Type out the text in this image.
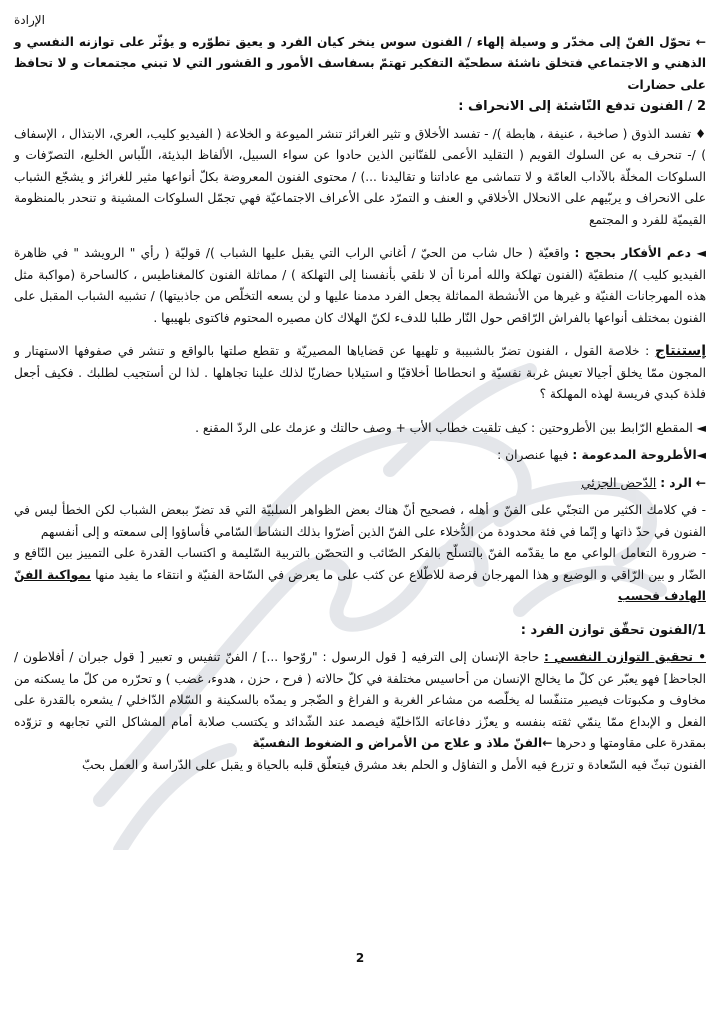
الإرادة

← تحوّل الفنّ إلى مخدّر و وسيلة إلهاء / الفنون سوس ينخر كيان الفرد و يعيق تطوّره و يؤثّر على توازنه النفسي و الذهني و الاجتماعي فتخلق ناشئة سطحيّة التفكير تهتمّ بسفاسف الأمور و القشور التي لا تبني مجتمعات و لا تحافظ على حضارات

2 / الفنون تدفع النّاشئة إلى الانحراف :

♦ تفسد الذوق ( صاخبة ، عنيفة ، هابطة )/ - تفسد الأخلاق و تثير الغرائز تنشر الميوعة و الخلاعة ( الفيديو كليب، العري، الابتذال ، الإسفاف ) /- تنحرف به عن السلوك القويم ( التقليد الأعمى للفنّانين الذين حادوا عن سواء السبيل، الألفاظ البذيئة، اللّباس الخليع، التصرّفات و السلوكات المخلّة بالآداب العامّة و لا تتماشى مع عاداتنا و تقاليدنا ...) / محتوى الفنون المعروضة بكلّ أنواعها مثير للغرائز و يشجّع الشباب على الانحراف و يربّيهم على الانحلال الأخلاقي و العنف و التمرّد على الأعراف الاجتماعيّة فهي تجمّل السلوكات المشينة و تنحدر بالمنظومة القيميّة للفرد و المجتمع

◄ دعم الأفكار بحجج : واقعيّة ( حال شاب من الحيّ / أغاني الراب التي يقبل عليها الشباب )/ قوليّة ( رأي " الرويشد " في ظاهرة الفيديو كليب )/ منطقيّة (الفنون تهلكة والله أمرنا أن لا نلقي بأنفسنا إلى التهلكة ) / مماثلة الفنون كالمغناطيس ، كالساحرة (مواكبة مثل هذه المهرجانات الفنيّة و غيرها من الأنشطة المماثلة يجعل الفرد مدمنا عليها و لن يسعه التخلّص من جاذبيتها) / تشبيه الشباب المقبل على الفنون بمختلف أنواعها بالفراش الرّاقص حول النّار طلبا للدفء لكنّ الهلاك كان مصيره المحتوم فاكتوى بلهيبها .

إستنتاج : خلاصة القول ، الفنون تضرّ بالشبيبة و تلهيها عن قضاياها المصيريّة و تقطع صلتها بالواقع و تنشر في صفوفها الاستهتار و المجون ممّا يخلق أجيالا تعيش غربة نفسيّة و انحطاطا أخلاقيّا و استيلابا حضاريّا لذلك علينا تجاهلها . لذا لن أستجيب لطلبك . فكيف أجعل فلذة كبدي فريسة لهذه المهلكة ؟

◄ المقطع الرّابط بين الأطروحتين : كيف تلقيت خطاب الأب + وصف حالتك و عزمك على الردّ المقنع .

◄الأطروحة المدعومة : فيها عنصران :

← الرد : الدّحض الجزئي

- في كلامك الكثير من التجنّي على الفنّ و أهله ، فصحيح أنّ هناك بعض الظواهر السلبيّة التي قد تضرّ ببعض الشباب لكن الخطأ ليس في الفنون في حدّ ذاتها و إنّما في فئة محدودة من الدُّخلاء على الفنّ الذين أضرّوا بذلك النشاط السّامي فأساؤوا إلى سمعته و إلى أنفسهم

- ضرورة التعامل الواعي مع ما يقدّمه الفنّ بالتسلّح بالفكر الصّائب و التحصّن بالتربية السّليمة و اكتساب القدرة على التمييز بين النّافع و الضّار و بين الرّاقي و الوضيع و هذا المهرجان فرصة للاطّلاع عن كثب على ما يعرض في السّاحة الفنيّة و انتقاء ما يفيد منها بمواكبة الفنّ الهادف فحسب

1/الفنون تحقّق توازن الفرد :

• تحقيق التوازن النفسي : حاجة الإنسان إلى الترفيه [ قول الرسول : "روّحوا ...] / الفنّ تنفيس و تعبير [ قول جبران / أفلاطون / الجاحظ] فهو يعبّر عن كلّ ما يخالج الإنسان من أحاسيس مختلفة في كلّ حالاته ( فرح ، حزن ، هدوء، غضب ) و تحرّره من كلّ ما يسكنه من مخاوف و مكبوتات فيصير متنفّسا له يخلّصه من مشاعر الغربة و الفراغ و الضّجر و يمدّه بالسكينة و السّلام الدّاخلي / يشعره بالقدرة على الفعل و الإبداع ممّا ينمّي ثقته بنفسه و يعزّز دفاعاته الدّاخليّة فيصمد عند الشّدائد و يكتسب صلابة أمام المشاكل التي تجابهه و تزوّده بمقدرة على مقاومتها و دحرها ←الفنّ ملاذ و علاج من الأمراض و الضغوط النفسيّة

الفنون تبثّ فيه السّعادة و تزرع فيه الأمل و التفاؤل و الحلم بغد مشرق فيتعلّق قلبه بالحياة و يقبل على الدّراسة و العمل بحبّ

2
